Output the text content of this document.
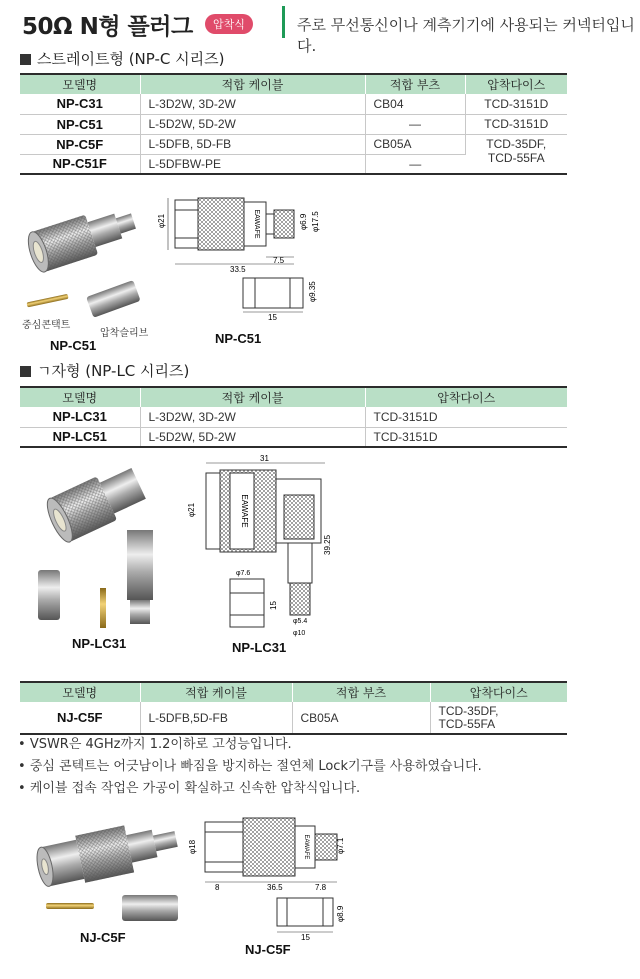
50Ω N형 플러그	압착식	주로 무선통신이나 계측기기에 사용되는 커넥터입니다.
스트레이트형 (NP-C 시리즈)
모델명	적합 케이블	적합 부츠	압착다이스
NP-C31	L-3D2W, 3D-2W	CB04	TCD-3151D
NP-C51	L-5D2W, 5D-2W	—	TCD-3151D
NP-C5F	L-5DFB, 5D-FB	CB05A	TCD-35DF,
TCD-55FA

NP-C51F	L-5DFBW-PE	—	
중심콘택트
압착슬리브
NP-C51
EAWAFE
φ21	φ6.9 φ17.5
7.5
33.5
φ9.35
15
NP-C51
ㄱ자형 (NP-LC 시리즈)
모델명	적합 케이블	압착다이스
NP-LC31	L-3D2W, 3D-2W	TCD-3151D
NP-LC51	L-5D2W, 5D-2W	TCD-3151D
NP-LC31
31
EAWAFE
φ21
39.25
φ5.4
φ10
φ7.6
15
NP-LC31
모델명	적합 케이블	적합 부츠	압착다이스
NJ-C5F	L-5DFB,5D-FB	CB05A	TCD-35DF,
TCD-55FA
• VSWR은 4GHz까지 1.2이하로 고성능입니다.
• 중심 콘텍트는 어긋남이나 빠짐을 방지하는 절연체 Lock기구를 사용하였습니다.
• 케이블 접속 작업은 가공이 확실하고 신속한 압착식입니다.
NJ-C5F
EAWAFE
φ18	φ7.1
8	36.5	7.8
φ8.9
15
NJ-C5F
